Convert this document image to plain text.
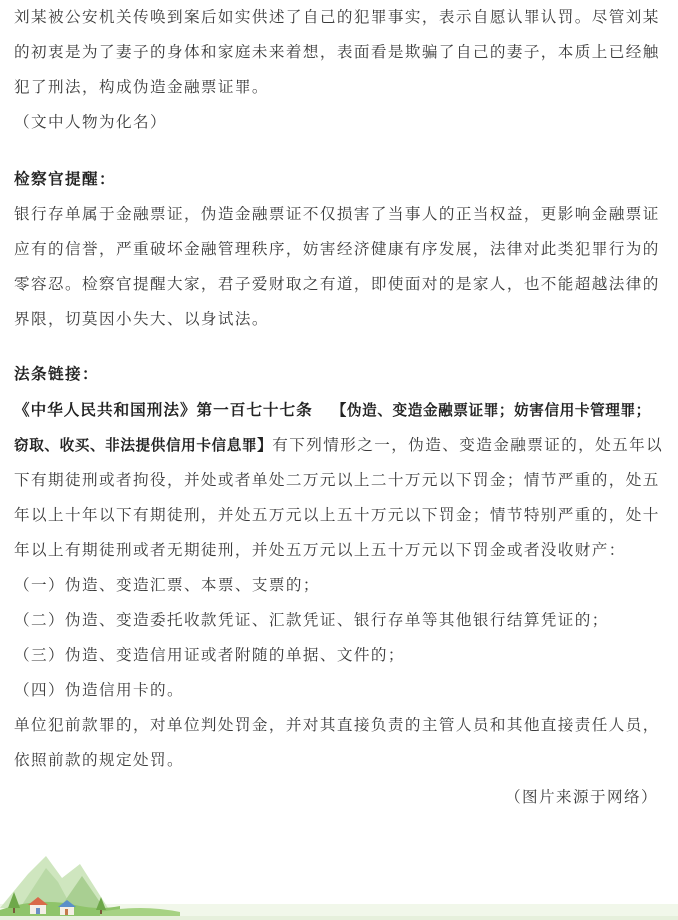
刘某被公安机关传唤到案后如实供述了自己的犯罪事实，表示自愿认罪认罚。尽管刘某的初衷是为了妻子的身体和家庭未来着想，表面看是欺骗了自己的妻子，本质上已经触犯了刑法，构成伪造金融票证罪。

（文中人物为化名）

检察官提醒：

银行存单属于金融票证，伪造金融票证不仅损害了当事人的正当权益，更影响金融票证应有的信誉，严重破坏金融管理秩序，妨害经济健康有序发展，法律对此类犯罪行为的零容忍。检察官提醒大家，君子爱财取之有道，即使面对的是家人，也不能超越法律的界限，切莫因小失大、以身试法。

法条链接：

《中华人民共和国刑法》第一百七十七条 【伪造、变造金融票证罪；妨害信用卡管理罪；窃取、收买、非法提供信用卡信息罪】有下列情形之一，伪造、变造金融票证的，处五年以下有期徒刑或者拘役，并处或者单处二万元以上二十万元以下罚金；情节严重的，处五年以上十年以下有期徒刑，并处五万元以上五十万元以下罚金；情节特别严重的，处十年以上有期徒刑或者无期徒刑，并处五万元以上五十万元以下罚金或者没收财产：

（一）伪造、变造汇票、本票、支票的；

（二）伪造、变造委托收款凭证、汇款凭证、银行存单等其他银行结算凭证的；

（三）伪造、变造信用证或者附随的单据、文件的；

（四）伪造信用卡的。

单位犯前款罪的，对单位判处罚金，并对其直接负责的主管人员和其他直接责任人员，依照前款的规定处罚。

（图片来源于网络）
